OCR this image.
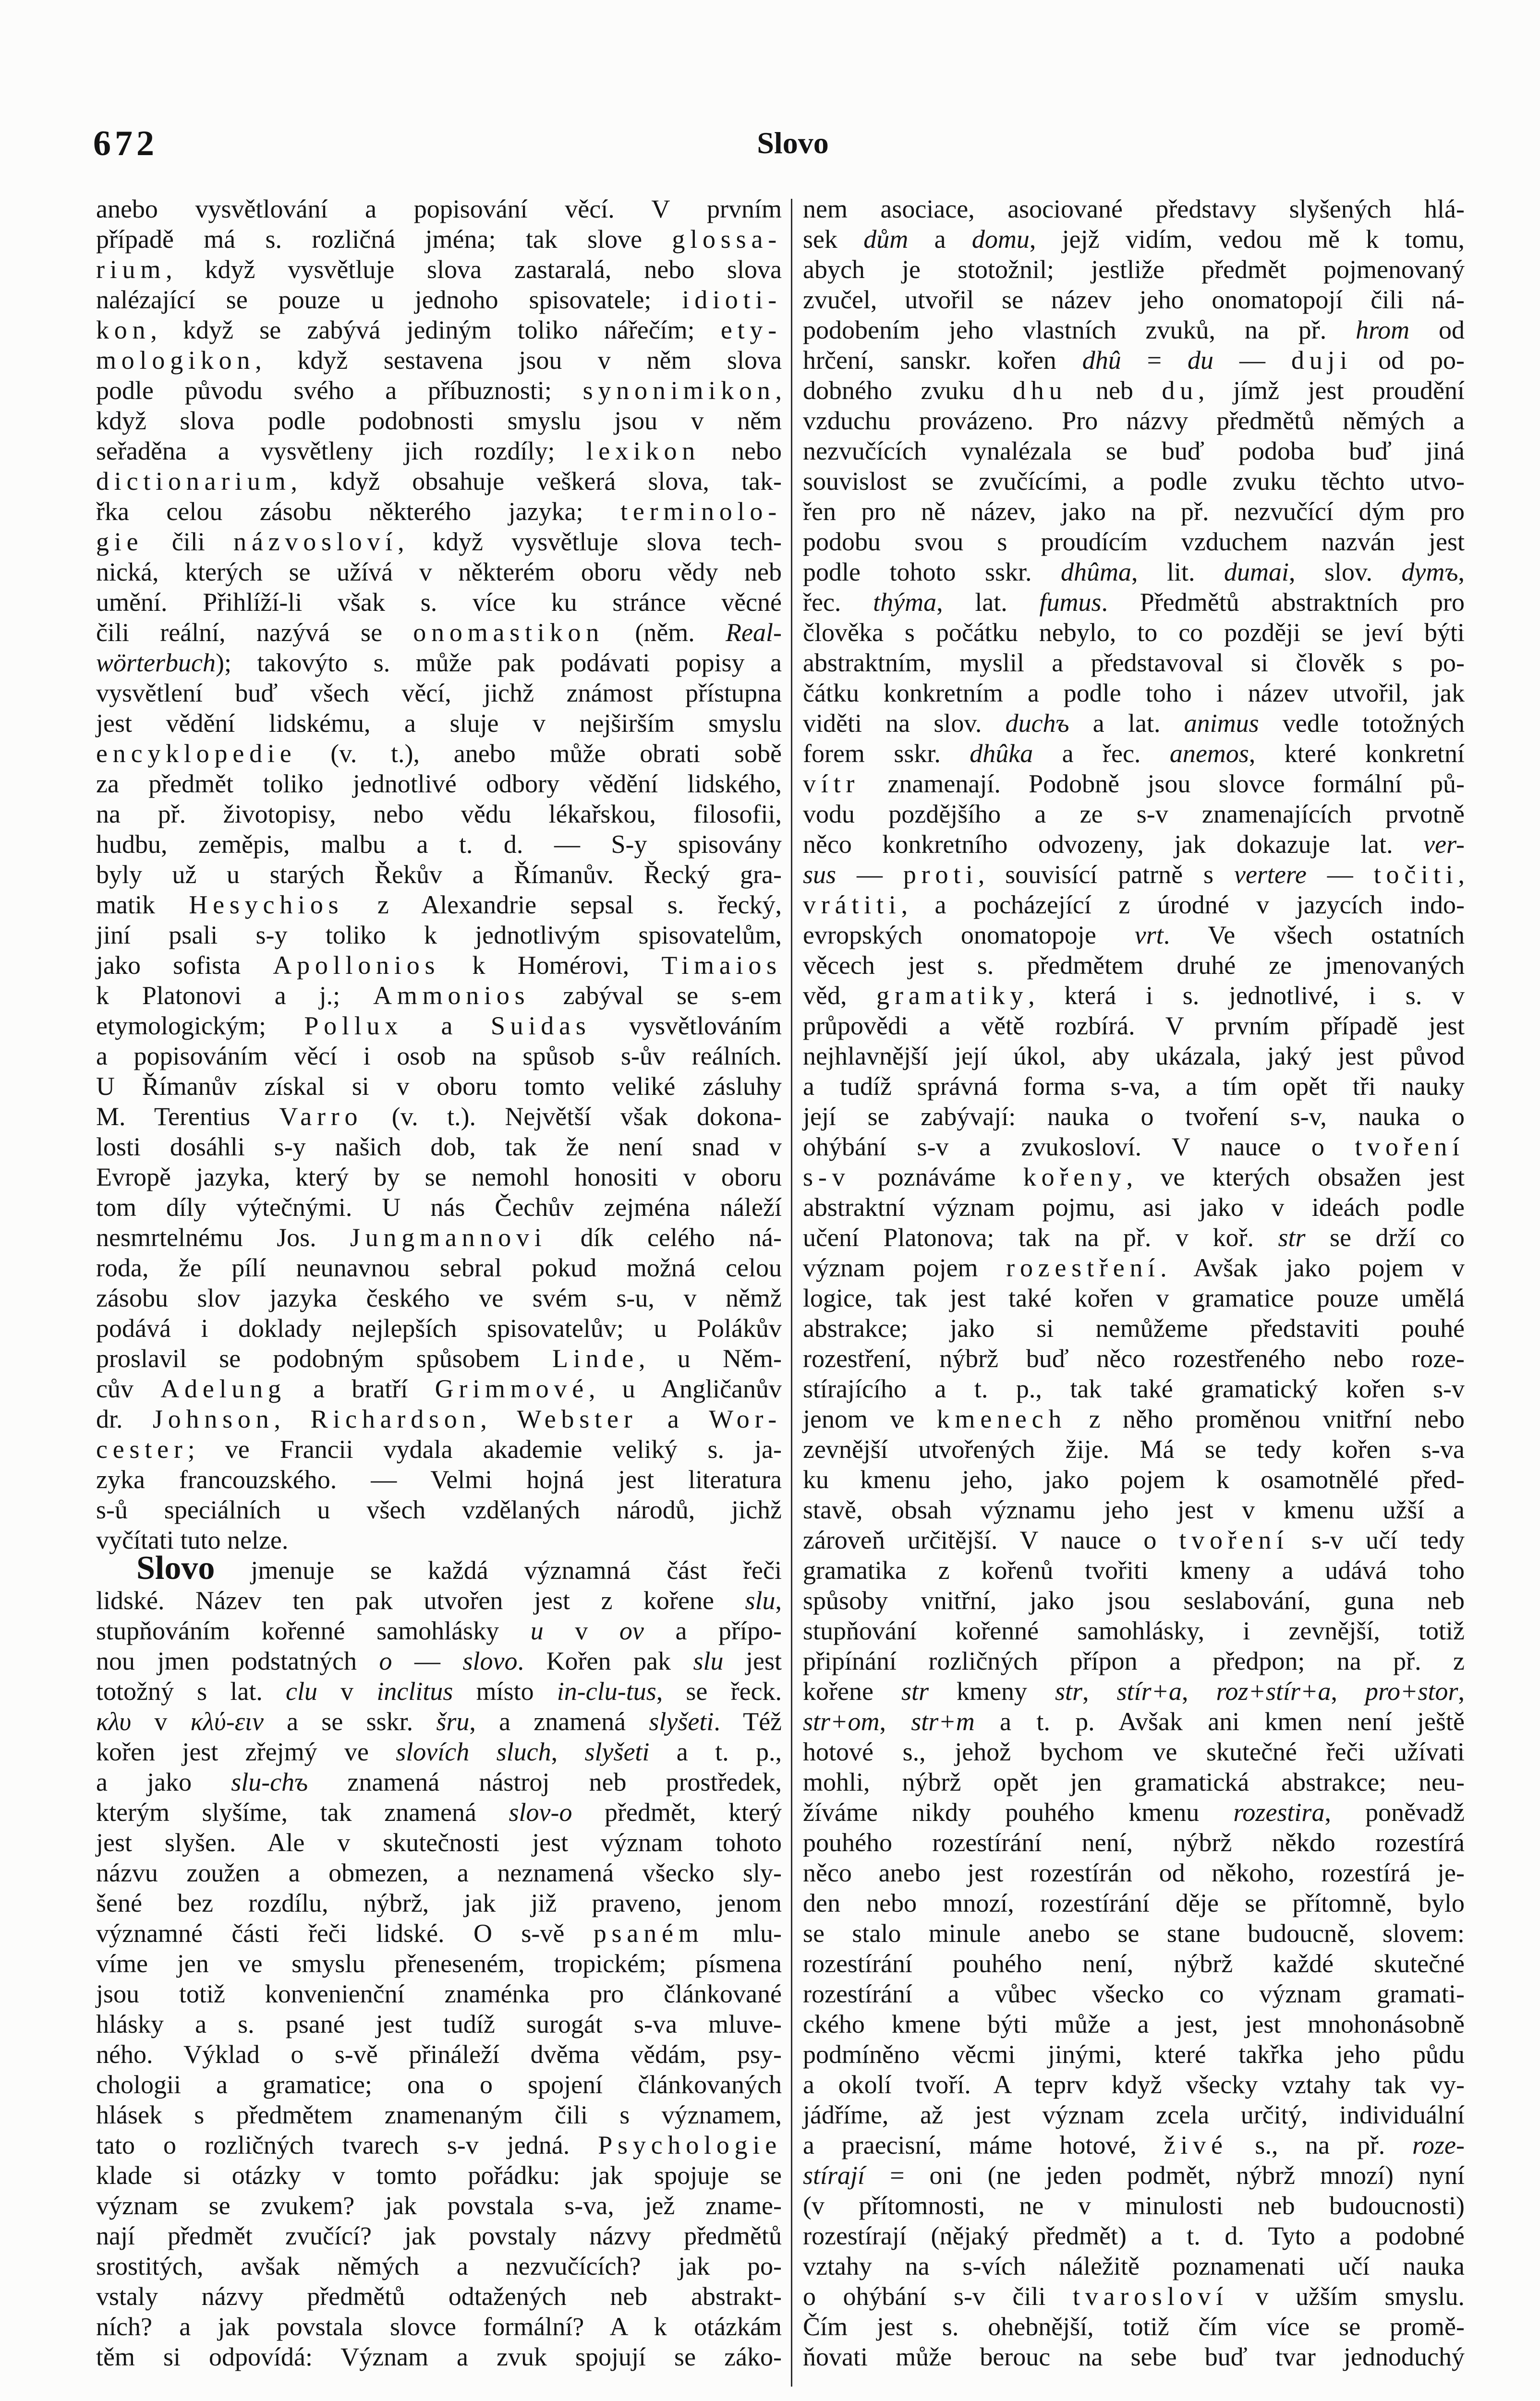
672	Slovo
anebo vysvětlování a popisování věcí. V prvním
případě má s. rozličná jména; tak slove glossa-
rium, když vysvětluje slova zastaralá, nebo slova
nalézající se pouze u jednoho spisovatele; idioti-
kon, když se zabývá jediným toliko nářečím; ety-
mologikon, když sestavena jsou v něm slova
podle původu svého a příbuznosti; synonimikon,
když slova podle podobnosti smyslu jsou v něm
seřaděna a vysvětleny jich rozdíly; lexikon nebo
dictionarium, když obsahuje veškerá slova, tak-
řka celou zásobu některého jazyka; terminolo-
gie čili názvosloví, když vysvětluje slova tech-
nická, kterých se užívá v některém oboru vědy neb
umění. Přihlíží-li však s. více ku stránce věcné
čili reální, nazývá se onomastikon (něm. Real-
wörterbuch); takovýto s. může pak podávati popisy a
vysvětlení buď všech věcí, jichž známost přístupna
jest vědění lidskému, a sluje v nejširším smyslu
encyklopedie (v. t.), anebo může obrati sobě
za předmět toliko jednotlivé odbory vědění lidského,
na př. životopisy, nebo vědu lékařskou, filosofii,
hudbu, zeměpis, malbu a t. d. — S-y spisovány
byly už u starých Řekův a Římanův. Řecký gra-
matik Hesychios z Alexandrie sepsal s. řecký,
jiní psali s-y toliko k jednotlivým spisovatelům,
jako sofista Apollonios k Homérovi, Timaios
k Platonovi a j.; Ammonios zabýval se s-em
etymologickým; Pollux a Suidas vysvětlováním
a popisováním věcí i osob na spůsob s-ův reálních.
U Římanův získal si v oboru tomto veliké zásluhy
M. Terentius Varro (v. t.). Největší však dokona-
losti dosáhli s-y našich dob, tak že není snad v
Evropě jazyka, který by se nemohl honositi v oboru
tom díly výtečnými. U nás Čechův zejména náleží
nesmrtelnému Jos. Jungmannovi dík celého ná-
roda, že pílí neunavnou sebral pokud možná celou
zásobu slov jazyka českého ve svém s-u, v němž
podává i doklady nejlepších spisovatelův; u Polákův
proslavil se podobným spůsobem Linde, u Něm-
cův Adelung a bratří Grimmové, u Angličanův
dr. Johnson, Richardson, Webster a Wor-
cester; ve Francii vydala akademie veliký s. ja-
zyka francouzského. — Velmi hojná jest literatura
s-ů speciálních u všech vzdělaných národů, jichž
vyčítati tuto nelze.
Slovo jmenuje se každá významná část řeči
lidské. Název ten pak utvořen jest z kořene slu,
stupňováním kořenné samohlásky u v ov a přípo-
nou jmen podstatných o — slovo. Kořen pak slu jest
totožný s lat. clu v inclitus místo in-clu-tus, se řeck.
κλυ v κλύ-ειν a se sskr. šru, a znamená slyšeti. Též
kořen jest zřejmý ve slovích sluch, slyšeti a t. p.,
a jako slu-chъ znamená nástroj neb prostředek,
kterým slyšíme, tak znamená slov-o předmět, který
jest slyšen. Ale v skutečnosti jest význam tohoto
názvu zoužen a obmezen, a neznamená všecko sly-
šené bez rozdílu, nýbrž, jak již praveno, jenom
významné části řeči lidské. O s-vě psaném mlu-
víme jen ve smyslu přeneseném, tropickém; písmena
jsou totiž konvenienční znaménka pro článkované
hlásky a s. psané jest tudíž surogát s-va mluve-
ného. Výklad o s-vě přináleží dvěma vědám, psy-
chologii a gramatice; ona o spojení článkovaných
hlásek s předmětem znamenaným čili s významem,
tato o rozličných tvarech s-v jedná. Psychologie
klade si otázky v tomto pořádku: jak spojuje se
význam se zvukem? jak povstala s-va, jež zname-
nají předmět zvučící? jak povstaly názvy předmětů
srostitých, avšak němých a nezvučících? jak po-
vstaly názvy předmětů odtažených neb abstrakt-
ních? a jak povstala slovce formální? A k otázkám
těm si odpovídá: Význam a zvuk spojují se záko-
nem asociace, asociované představy slyšených hlá-
sek dům a domu, jejž vidím, vedou mě k tomu,
abych je stotožnil; jestliže předmět pojmenovaný
zvučel, utvořil se název jeho onomatopojí čili ná-
podobením jeho vlastních zvuků, na př. hrom od
hrčení, sanskr. kořen dhû = du — duji od po-
dobného zvuku dhu neb du, jímž jest proudění
vzduchu provázeno. Pro názvy předmětů němých a
nezvučících vynalézala se buď podoba buď jiná
souvislost se zvučícími, a podle zvuku těchto utvo-
řen pro ně název, jako na př. nezvučící dým pro
podobu svou s proudícím vzduchem nazván jest
podle tohoto sskr. dhûma, lit. dumai, slov. dymъ,
řec. thýma, lat. fumus. Předmětů abstraktních pro
člověka s počátku nebylo, to co později se jeví býti
abstraktním, myslil a představoval si člověk s po-
čátku konkretním a podle toho i název utvořil, jak
viděti na slov. duchъ a lat. animus vedle totožných
forem sskr. dhûka a řec. anemos, které konkretní
vítr znamenají. Podobně jsou slovce formální pů-
vodu pozdějšího a ze s-v znamenajících prvotně
něco konkretního odvozeny, jak dokazuje lat. ver-
sus — proti, souvisící patrně s vertere — točiti,
vrátiti, a pocházející z úrodné v jazycích indo-
evropských onomatopoje vrt. Ve všech ostatních
věcech jest s. předmětem druhé ze jmenovaných
věd, gramatiky, která i s. jednotlivé, i s. v
průpovědi a větě rozbírá. V prvním případě jest
nejhlavnější její úkol, aby ukázala, jaký jest původ
a tudíž správná forma s-va, a tím opět tři nauky
její se zabývají: nauka o tvoření s-v, nauka o
ohýbání s-v a zvukosloví. V nauce o tvoření
s-v poznáváme kořeny, ve kterých obsažen jest
abstraktní význam pojmu, asi jako v ideách podle
učení Platonova; tak na př. v koř. str se drží co
význam pojem rozestření. Avšak jako pojem v
logice, tak jest také kořen v gramatice pouze umělá
abstrakce; jako si nemůžeme představiti pouhé
rozestření, nýbrž buď něco rozestřeného nebo roze-
stírajícího a t. p., tak také gramatický kořen s-v
jenom ve kmenech z něho proměnou vnitřní nebo
zevnější utvořených žije. Má se tedy kořen s-va
ku kmenu jeho, jako pojem k osamotnělé před-
stavě, obsah významu jeho jest v kmenu užší a
zároveň určitější. V nauce o tvoření s-v učí tedy
gramatika z kořenů tvořiti kmeny a udává toho
spůsoby vnitřní, jako jsou seslabování, guna neb
stupňování kořenné samohlásky, i zevnější, totiž
připínání rozličných přípon a předpon; na př. z
kořene str kmeny str, stír+a, roz+stír+a, pro+stor,
str+om, str+m a t. p. Avšak ani kmen není ještě
hotové s., jehož bychom ve skutečné řeči užívati
mohli, nýbrž opět jen gramatická abstrakce; neu-
žíváme nikdy pouhého kmenu rozestira, poněvadž
pouhého rozestírání není, nýbrž někdo rozestírá
něco anebo jest rozestírán od někoho, rozestírá je-
den nebo mnozí, rozestírání děje se přítomně, bylo
se stalo minule anebo se stane budoucně, slovem:
rozestírání pouhého není, nýbrž každé skutečné
rozestírání a vůbec všecko co význam gramati-
ckého kmene býti může a jest, jest mnohonásobně
podmíněno věcmi jinými, které takřka jeho půdu
a okolí tvoří. A teprv když všecky vztahy tak vy-
jádříme, až jest význam zcela určitý, individuální
a praecisní, máme hotové, živé s., na př. roze-
stírají = oni (ne jeden podmět, nýbrž mnozí) nyní
(v přítomnosti, ne v minulosti neb budoucnosti)
rozestírají (nějaký předmět) a t. d. Tyto a podobné
vztahy na s-vích náležitě poznamenati učí nauka
o ohýbání s-v čili tvarosloví v užším smyslu.
Čím jest s. ohebnější, totiž čím více se promě-
ňovati může berouc na sebe buď tvar jednoduchý
